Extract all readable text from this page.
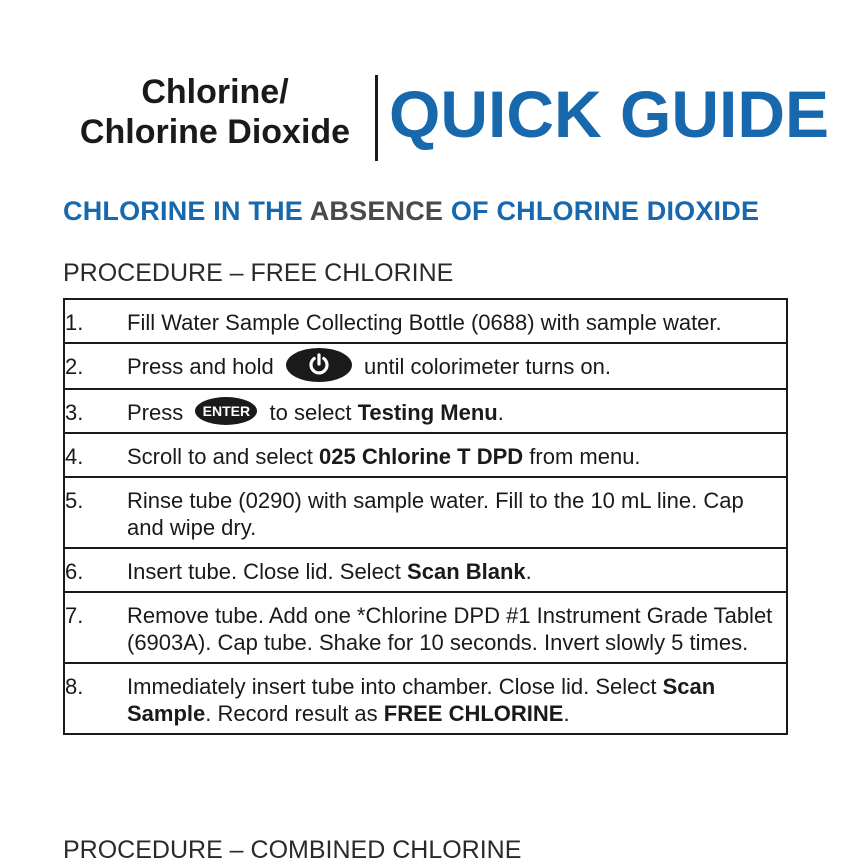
Chlorine/
Chlorine Dioxide QUICK GUIDE
CHLORINE IN THE ABSENCE OF CHLORINE DIOXIDE
PROCEDURE – FREE CHLORINE
1.	Fill Water Sample Collecting Bottle (0688) with sample water.
2.	Press and hold until colorimeter turns on.
3.	Press ENTER to select Testing Menu.
4.	Scroll to and select 025 Chlorine T DPD from menu.
5.	Rinse tube (0290) with sample water. Fill to the 10 mL line. Cap and wipe dry.
6.	Insert tube. Close lid. Select Scan Blank.
7.	Remove tube. Add one *Chlorine DPD #1 Instrument Grade Tablet (6903A). Cap tube. Shake for 10 seconds. Invert slowly 5 times.
8.	Immediately insert tube into chamber. Close lid. Select Scan Sample. Record result as FREE CHLORINE.
PROCEDURE – COMBINED CHLORINE
